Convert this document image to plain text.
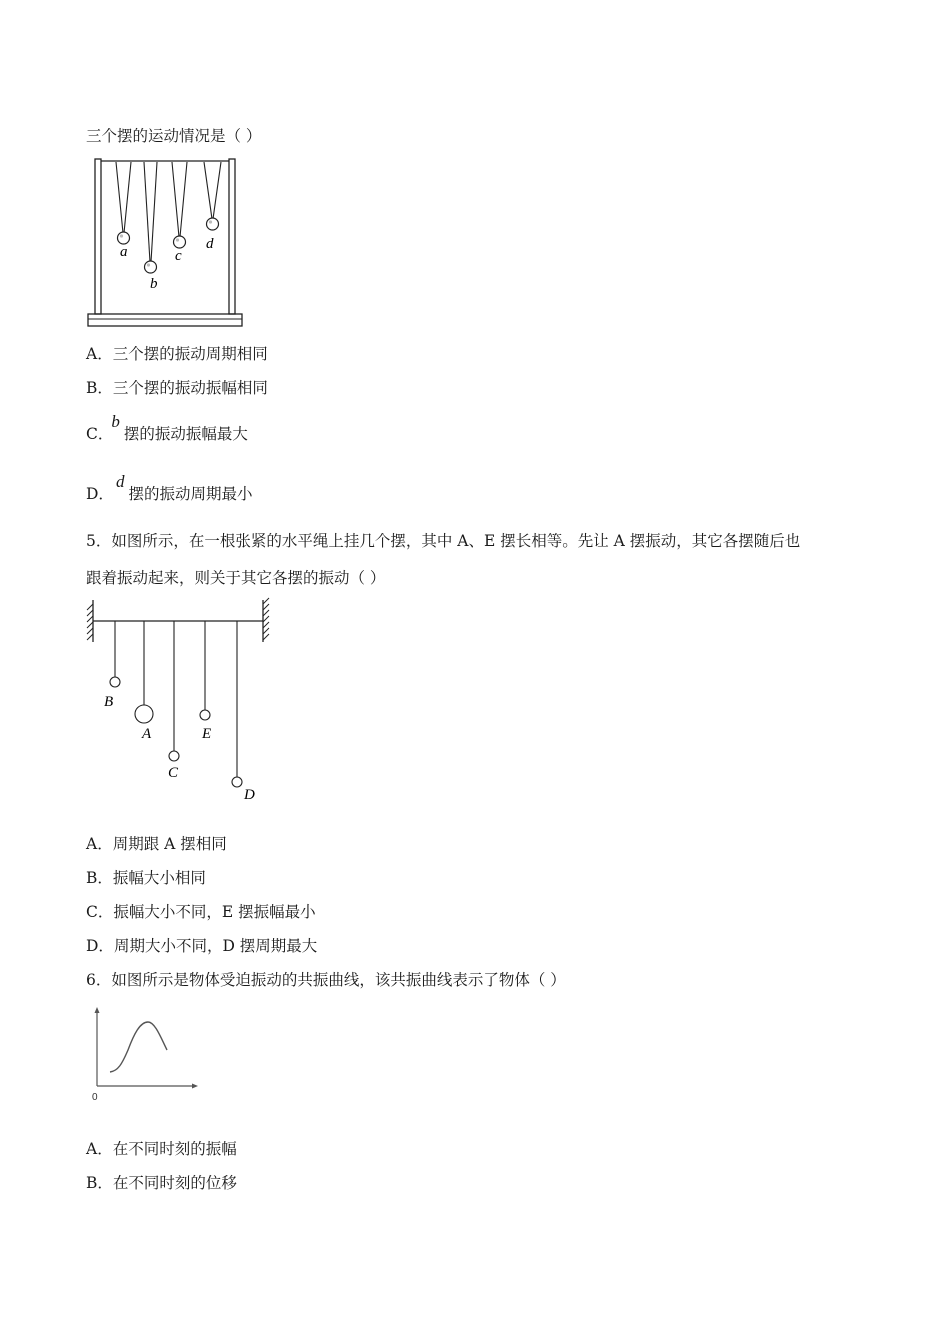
三个摆的运动情况是（ ）
a
b
c
d
A．三个摆的振动周期相同
B．三个摆的振动振幅相同
C．b摆的振动振幅最大
D．d摆的振动周期最小
5．如图所示，在一根张紧的水平绳上挂几个摆，其中 A、E 摆长相等。先让 A 摆振动，其它各摆随后也
跟着振动起来，则关于其它各摆的振动（ ）
B
A
C
E
D
A．周期跟 A 摆相同
B．振幅大小相同
C．振幅大小不同，E 摆振幅最小
D．周期大小不同，D 摆周期最大
6．如图所示是物体受迫振动的共振曲线，该共振曲线表示了物体（ ）
0
A．在不同时刻的振幅
B．在不同时刻的位移
